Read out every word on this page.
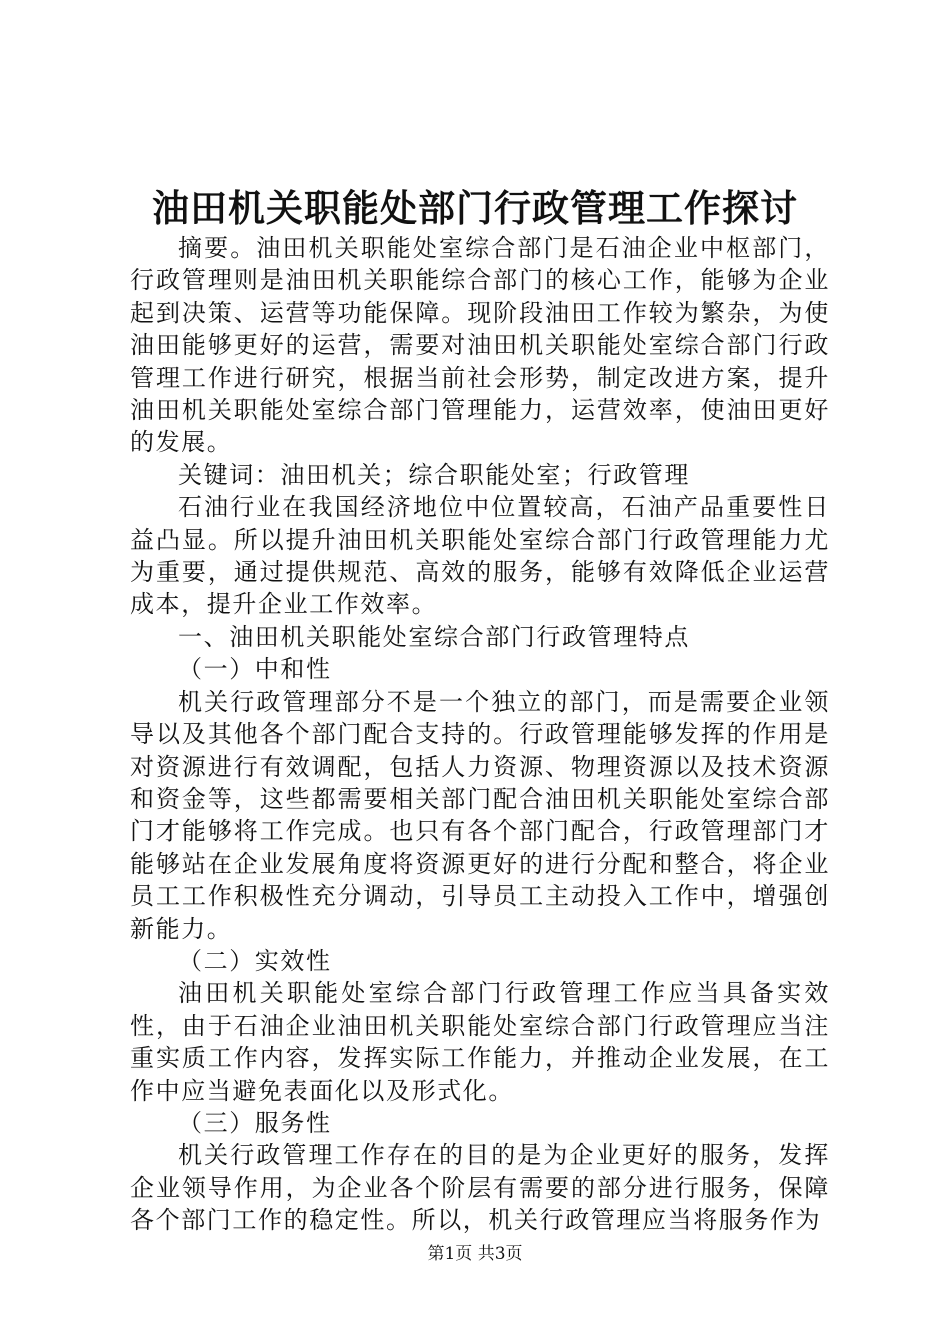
油田机关职能处部门行政管理工作探讨

摘要。油田机关职能处室综合部门是石油企业中枢部门，行政管理则是油田机关职能综合部门的核心工作，能够为企业起到决策、运营等功能保障。现阶段油田工作较为繁杂，为使油田能够更好的运营，需要对油田机关职能处室综合部门行政管理工作进行研究，根据当前社会形势，制定改进方案，提升油田机关职能处室综合部门管理能力，运营效率，使油田更好的发展。

关键词：油田机关；综合职能处室；行政管理

石油行业在我国经济地位中位置较高，石油产品重要性日益凸显。所以提升油田机关职能处室综合部门行政管理能力尤为重要，通过提供规范、高效的服务，能够有效降低企业运营成本，提升企业工作效率。

一、油田机关职能处室综合部门行政管理特点

（一）中和性

机关行政管理部分不是一个独立的部门，而是需要企业领导以及其他各个部门配合支持的。行政管理能够发挥的作用是对资源进行有效调配，包括人力资源、物理资源以及技术资源和资金等，这些都需要相关部门配合油田机关职能处室综合部门才能够将工作完成。也只有各个部门配合，行政管理部门才能够站在企业发展角度将资源更好的进行分配和整合，将企业员工工作积极性充分调动，引导员工主动投入工作中，增强创新能力。

（二）实效性

油田机关职能处室综合部门行政管理工作应当具备实效性，由于石油企业油田机关职能处室综合部门行政管理应当注重实质工作内容，发挥实际工作能力，并推动企业发展，在工作中应当避免表面化以及形式化。

（三）服务性

机关行政管理工作存在的目的是为企业更好的服务，发挥企业领导作用，为企业各个阶层有需要的部分进行服务，保障各个部门工作的稳定性。所以，机关行政管理应当将服务作为

第1页 共3页
